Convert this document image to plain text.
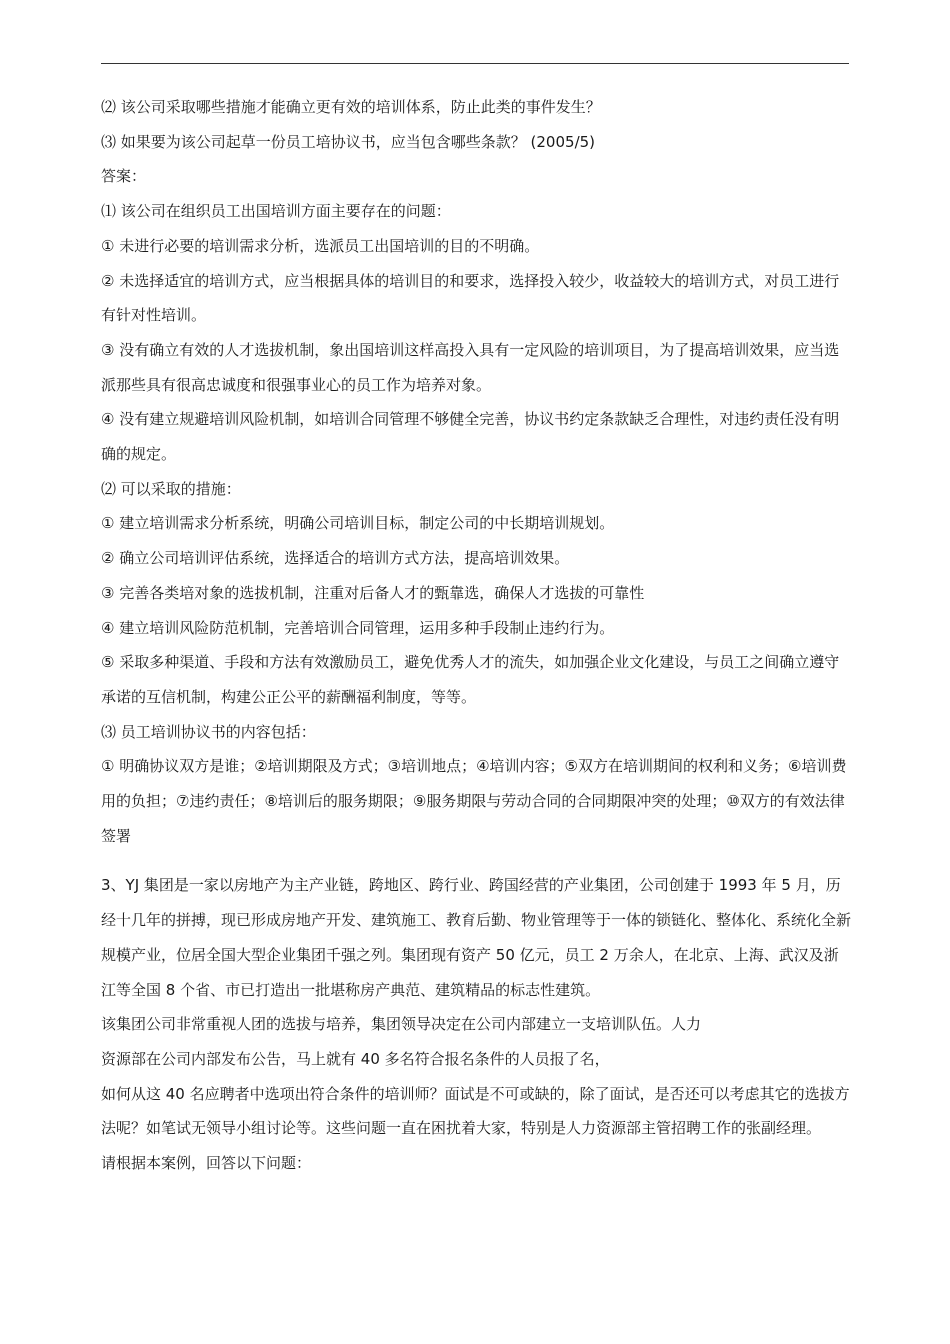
⑵ 该公司采取哪些措施才能确立更有效的培训体系，防止此类的事件发生？

⑶ 如果要为该公司起草一份员工培协议书，应当包含哪些条款？ (2005/5)

答案：

⑴ 该公司在组织员工出国培训方面主要存在的问题：

① 未进行必要的培训需求分析，选派员工出国培训的目的不明确。

② 未选择适宜的培训方式，应当根据具体的培训目的和要求，选择投入较少，收益较大的培训方式，对员工进行有针对性培训。

③ 没有确立有效的人才选拔机制，象出国培训这样高投入具有一定风险的培训项目，为了提高培训效果，应当选派那些具有很高忠诚度和很强事业心的员工作为培养对象。

④ 没有建立规避培训风险机制，如培训合同管理不够健全完善，协议书约定条款缺乏合理性，对违约责任没有明确的规定。

⑵ 可以采取的措施：

① 建立培训需求分析系统，明确公司培训目标，制定公司的中长期培训规划。

② 确立公司培训评估系统，选择适合的培训方式方法，提高培训效果。

③ 完善各类培对象的选拔机制，注重对后备人才的甄靠选，确保人才选拔的可靠性

④ 建立培训风险防范机制，完善培训合同管理，运用多种手段制止违约行为。

⑤ 采取多种渠道、手段和方法有效激励员工，避免优秀人才的流失，如加强企业文化建设，与员工之间确立遵守承诺的互信机制，构建公正公平的薪酬福利制度，等等。

⑶ 员工培训协议书的内容包括：

① 明确协议双方是谁；②培训期限及方式；③培训地点；④培训内容；⑤双方在培训期间的权利和义务；⑥培训费用的负担；⑦违约责任；⑧培训后的服务期限；⑨服务期限与劳动合同的合同期限冲突的处理；⑩双方的有效法律签署

3、YJ 集团是一家以房地产为主产业链，跨地区、跨行业、跨国经营的产业集团，公司创建于 1993 年 5 月，历经十几年的拼搏，现已形成房地产开发、建筑施工、教育后勤、物业管理等于一体的锁链化、整体化、系统化全新规模产业，位居全国大型企业集团千强之列。集团现有资产 50 亿元，员工 2 万余人，在北京、上海、武汉及浙江等全国 8 个省、市已打造出一批堪称房产典范、建筑精品的标志性建筑。

该集团公司非常重视人团的选拔与培养，集团领导决定在公司内部建立一支培训队伍。人力

资源部在公司内部发布公告，马上就有 40 多名符合报名条件的人员报了名，

如何从这 40 名应聘者中选项出符合条件的培训师？面试是不可或缺的，除了面试，是否还可以考虑其它的选拔方法呢？如笔试无领导小组讨论等。这些问题一直在困扰着大家，特别是人力资源部主管招聘工作的张副经理。

请根据本案例，回答以下问题：
